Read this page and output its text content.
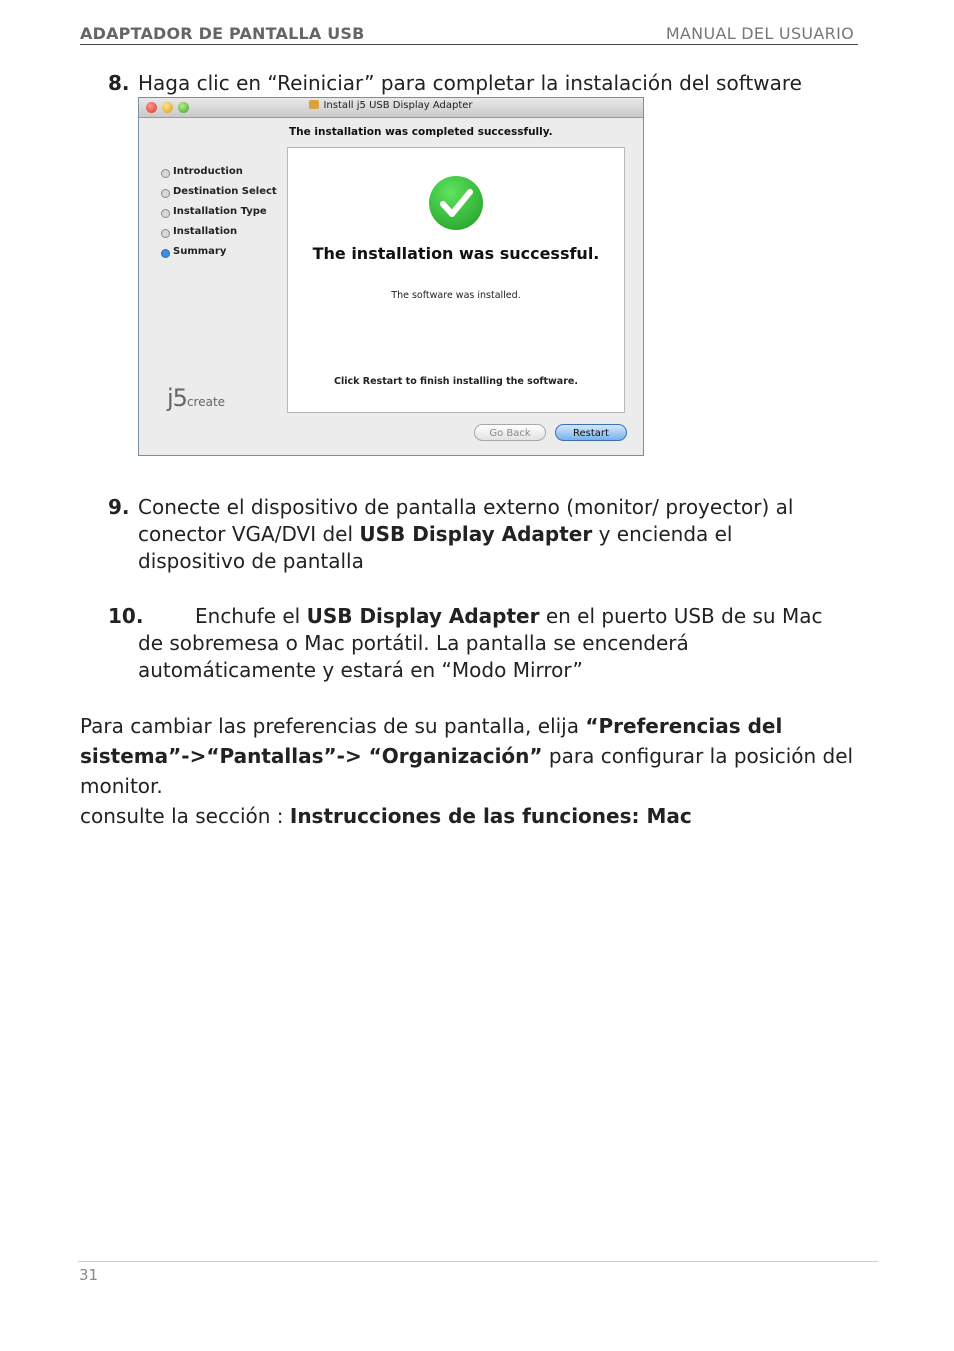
ADAPTADOR DE PANTALLA USB	MANUAL DEL USUARIO
8. Haga clic en “Reiniciar” para completar la instalación del software
Install j5 USB Display Adapter
The installation was completed successfully.
Introduction
Destination Select
Installation Type
Installation
Summary	The installation was successful.
The software was installed.
Click Restart to finish installing the software.
j5create
Go Back	Restart
9. Conecte el dispositivo de pantalla externo (monitor/ proyector) al
conector VGA/DVI del USB Display Adapter y encienda el
dispositivo de pantalla
10.	Enchufe el USB Display Adapter en el puerto USB de su Mac
de sobremesa o Mac portátil. La pantalla se encenderá
automáticamente y estará en “Modo Mirror”
Para cambiar las preferencias de su pantalla, elija “Preferencias del
sistema”->“Pantallas”-> “Organización” para configurar la posición del
monitor.
consulte la sección : Instrucciones de las funciones: Mac
31
